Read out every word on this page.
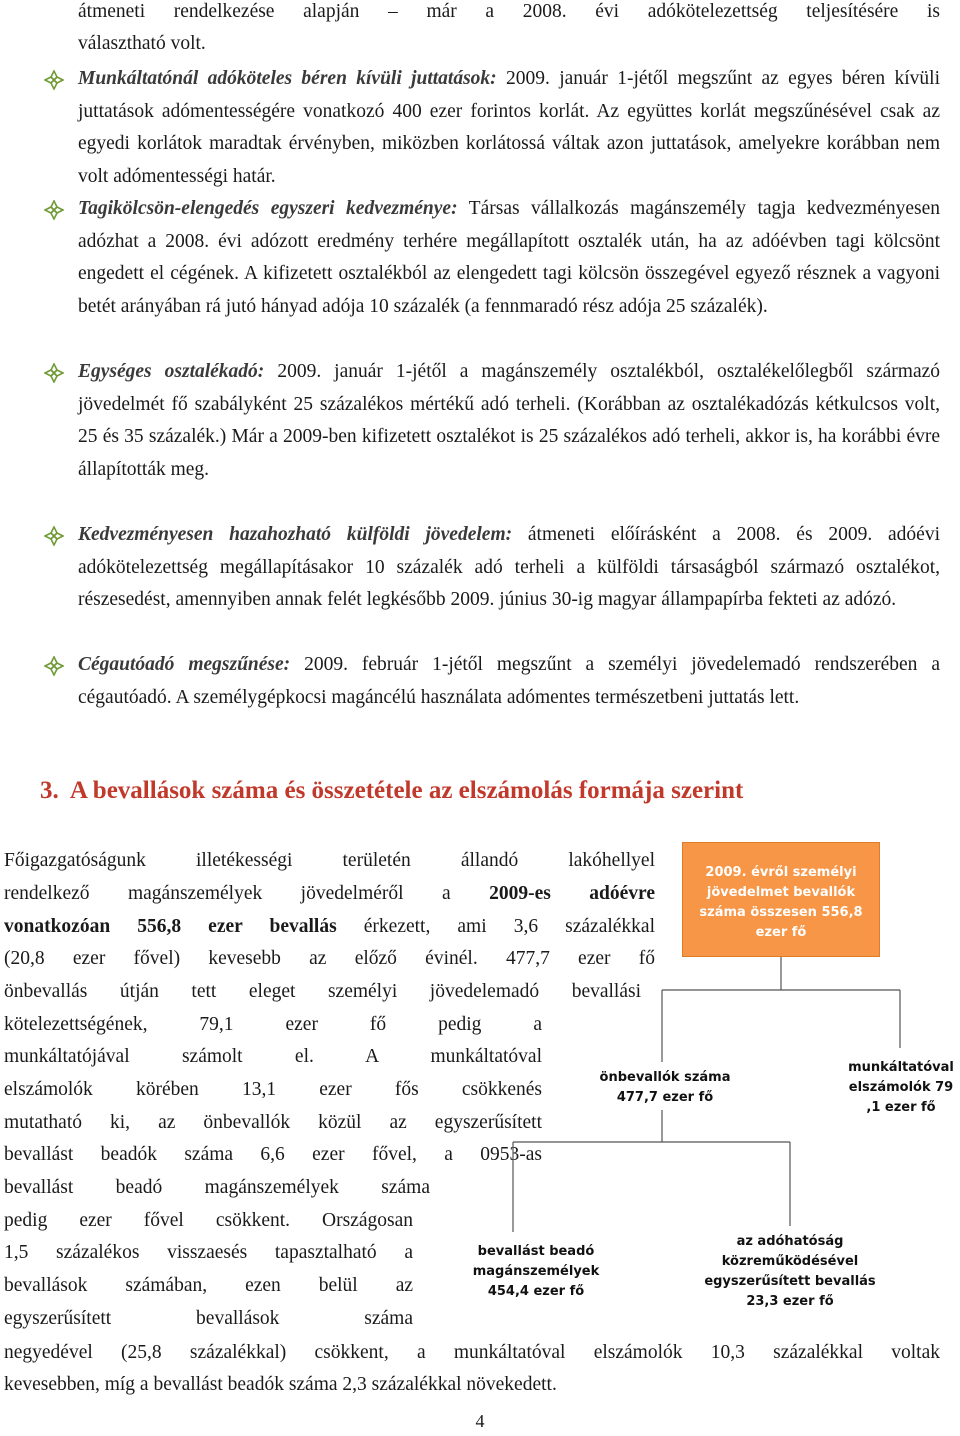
átmeneti rendelkezése alapján – már a 2008. évi adókötelezettség teljesítésére is

választható volt.

Munkáltatónál adóköteles béren kívüli juttatások: 2009. január 1-jétől megszűnt az egyes béren kívüli juttatások adómentességére vonatkozó 400 ezer forintos korlát. Az együttes korlát megszűnésével csak az egyedi korlátok maradtak érvényben, miközben korlátossá váltak azon juttatások, amelyekre korábban nem volt adómentességi határ.
Tagikölcsön-elengedés egyszeri kedvezménye: Társas vállalkozás magánszemély tagja kedvezményesen adózhat a 2008. évi adózott eredmény terhére megállapított osztalék után, ha az adóévben tagi kölcsönt engedett el cégének. A kifizetett osztalékból az elengedett tagi kölcsön összegével egyező résznek a vagyoni betét arányában rá jutó hányad adója 10 százalék (a fennmaradó rész adója 25 százalék).
Egységes osztalékadó: 2009. január 1-jétől a magánszemély osztalékból, osztalékelőlegből származó jövedelmét fő szabályként 25 százalékos mértékű adó terheli. (Korábban az osztalékadózás kétkulcsos volt, 25 és 35 százalék.) Már a 2009-ben kifizetett osztalékot is 25 százalékos adó terheli, akkor is, ha korábbi évre állapították meg.
Kedvezményesen hazahozható külföldi jövedelem: átmeneti előírásként a 2008. és 2009. adóévi adókötelezettség megállapításakor 10 százalék adó terheli a külföldi társaságból származó osztalékot, részesedést, amennyiben annak felét legkésőbb 2009. június 30-ig magyar állampapírba fekteti az adózó.
Cégautóadó megszűnése: 2009. február 1-jétől megszűnt a személyi jövedelemadó rendszerében a cégautóadó. A személygépkocsi magáncélú használata adómentes természetbeni juttatás lett.
3. A bevallások száma és összetétele az elszámolás formája szerint

Főigazgatóságunk illetékességi területén állandó lakóhellyel

rendelkező magánszemélyek jövedelméről a 2009-es adóévre

vonatkozóan 556,8 ezer bevallás érkezett, ami 3,6 százalékkal

(20,8 ezer fővel) kevesebb az előző évinél. 477,7 ezer fő

önbevallás útján tett eleget személyi jövedelemadó bevallási

kötelezettségének, 79,1 ezer fő pedig a

munkáltatójával számolt el. A munkáltatóval

elszámolók körében 13,1 ezer fős csökkenés

mutatható ki, az önbevallók közül az egyszerűsített

bevallást beadók száma 6,6 ezer fővel, a 0953-as

bevallást beadó magánszemélyek száma

pedig ezer fővel csökkent. Országosan

1,5 százalékos visszaesés tapasztalható a

bevallások számában, ezen belül az

egyszerűsített bevallások száma

negyedével (25,8 százalékkal) csökkent, a munkáltatóval elszámolók 10,3 százalékkal voltak

kevesebben, míg a bevallást beadók száma 2,3 százalékkal növekedett.

2009. évről személyi jövedelmet bevallók száma összesen 556,8 ezer fő

önbevallók száma 477,7 ezer fő

munkáltatóval elszámolók 79 ,1 ezer fő

bevallást beadó magánszemélyek 454,4 ezer fő

az adóhatóság közreműködésével egyszerűsített bevallás 23,3 ezer fő

4
